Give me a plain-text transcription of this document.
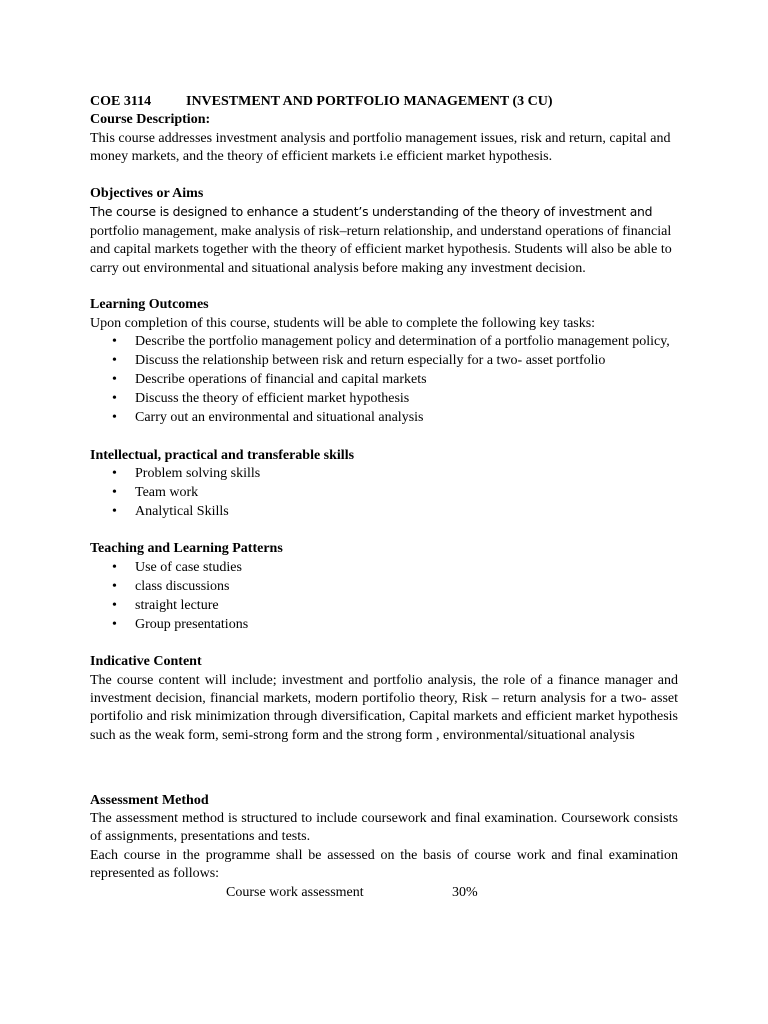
COE 3114	INVESTMENT AND PORTFOLIO MANAGEMENT (3 CU)
Course Description:

This course addresses investment analysis and portfolio management issues, risk and return, capital and money markets, and the theory of efficient markets i.e efficient market hypothesis.

Objectives or Aims

The course is designed to enhance a student’s understanding of the theory of investment and
portfolio management, make analysis of risk–return relationship, and understand operations of financial and capital markets together with the theory of efficient market hypothesis. Students will also be able to carry out environmental and situational analysis before making any investment decision.

Learning Outcomes

Upon completion of this course, students will be able to complete the following key tasks:

• Describe the portfolio management policy and determination of a portfolio management policy,
• Discuss the relationship between risk and return especially for a two- asset portfolio
• Describe operations of financial and capital markets
• Discuss the theory of efficient market hypothesis
• Carry out an environmental and situational analysis
Intellectual, practical and transferable skills
• Problem solving skills
• Team work
• Analytical Skills
Teaching and Learning Patterns
• Use of case studies
• class discussions
• straight lecture
• Group presentations
Indicative Content

The course content will include; investment and portfolio analysis, the role of a finance manager and investment decision, financial markets, modern portifolio theory, Risk – return analysis for a two- asset portifolio and risk minimization through diversification, Capital markets and efficient market hypothesis such as the weak form, semi-strong form and the strong form , environmental/situational analysis

Assessment Method

The assessment method is structured to include coursework and final examination. Coursework consists of assignments, presentations and tests.

Each course in the programme shall be assessed on the basis of course work and final examination represented as follows:

Course work assessment	30%
